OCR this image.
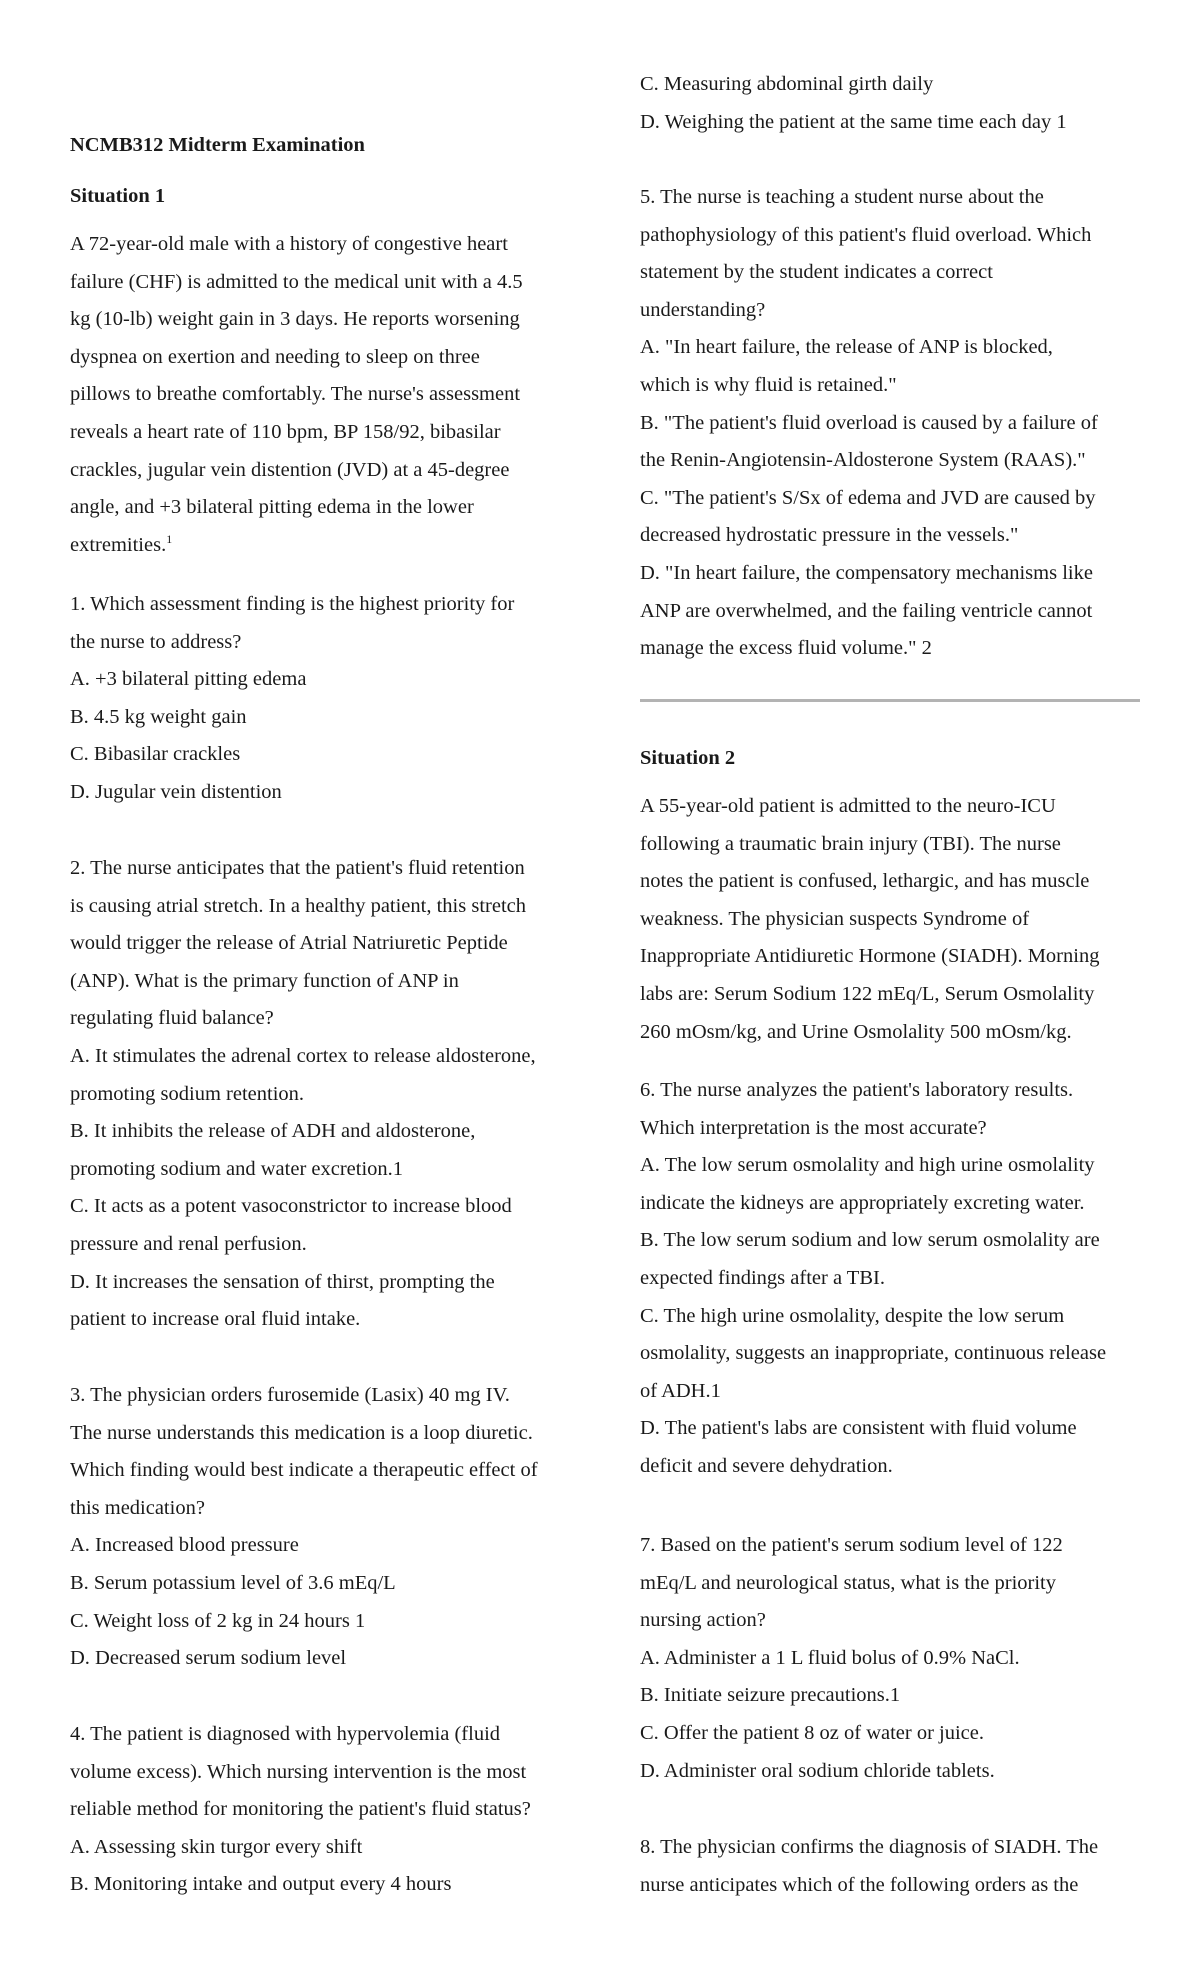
NCMB312 Midterm Examination
Situation 1
A 72-year-old male with a history of congestive heart
failure (CHF) is admitted to the medical unit with a 4.5
kg (10-lb) weight gain in 3 days. He reports worsening
dyspnea on exertion and needing to sleep on three
pillows to breathe comfortably. The nurse's assessment
reveals a heart rate of 110 bpm, BP 158/92, bibasilar
crackles, jugular vein distention (JVD) at a 45-degree
angle, and +3 bilateral pitting edema in the lower
extremities.$^1$
1. Which assessment finding is the highest priority for
the nurse to address?
A. +3 bilateral pitting edema
B. 4.5 kg weight gain
C. Bibasilar crackles
D. Jugular vein distention
2. The nurse anticipates that the patient's fluid retention
is causing atrial stretch. In a healthy patient, this stretch
would trigger the release of Atrial Natriuretic Peptide
(ANP). What is the primary function of ANP in
regulating fluid balance?
A. It stimulates the adrenal cortex to release aldosterone,
promoting sodium retention.
B. It inhibits the release of ADH and aldosterone,
promoting sodium and water excretion.1
C. It acts as a potent vasoconstrictor to increase blood
pressure and renal perfusion.
D. It increases the sensation of thirst, prompting the
patient to increase oral fluid intake.
3. The physician orders furosemide (Lasix) 40 mg IV.
The nurse understands this medication is a loop diuretic.
Which finding would best indicate a therapeutic effect of
this medication?
A. Increased blood pressure
B. Serum potassium level of 3.6 mEq/L
C. Weight loss of 2 kg in 24 hours 1
D. Decreased serum sodium level
4. The patient is diagnosed with hypervolemia (fluid
volume excess). Which nursing intervention is the most
reliable method for monitoring the patient's fluid status?
A. Assessing skin turgor every shift
B. Monitoring intake and output every 4 hours
C. Measuring abdominal girth daily
D. Weighing the patient at the same time each day 1
5. The nurse is teaching a student nurse about the
pathophysiology of this patient's fluid overload. Which
statement by the student indicates a correct
understanding?
A. "In heart failure, the release of ANP is blocked,
which is why fluid is retained."
B. "The patient's fluid overload is caused by a failure of
the Renin-Angiotensin-Aldosterone System (RAAS)."
C. "The patient's S/Sx of edema and JVD are caused by
decreased hydrostatic pressure in the vessels."
D. "In heart failure, the compensatory mechanisms like
ANP are overwhelmed, and the failing ventricle cannot
manage the excess fluid volume." 2
Situation 2
A 55-year-old patient is admitted to the neuro-ICU
following a traumatic brain injury (TBI). The nurse
notes the patient is confused, lethargic, and has muscle
weakness. The physician suspects Syndrome of
Inappropriate Antidiuretic Hormone (SIADH). Morning
labs are: Serum Sodium 122 mEq/L, Serum Osmolality
260 mOsm/kg, and Urine Osmolality 500 mOsm/kg.
6. The nurse analyzes the patient's laboratory results.
Which interpretation is the most accurate?
A. The low serum osmolality and high urine osmolality
indicate the kidneys are appropriately excreting water.
B. The low serum sodium and low serum osmolality are
expected findings after a TBI.
C. The high urine osmolality, despite the low serum
osmolality, suggests an inappropriate, continuous release
of ADH.1
D. The patient's labs are consistent with fluid volume
deficit and severe dehydration.
7. Based on the patient's serum sodium level of 122
mEq/L and neurological status, what is the priority
nursing action?
A. Administer a 1 L fluid bolus of 0.9% NaCl.
B. Initiate seizure precautions.1
C. Offer the patient 8 oz of water or juice.
D. Administer oral sodium chloride tablets.
8. The physician confirms the diagnosis of SIADH. The
nurse anticipates which of the following orders as the
